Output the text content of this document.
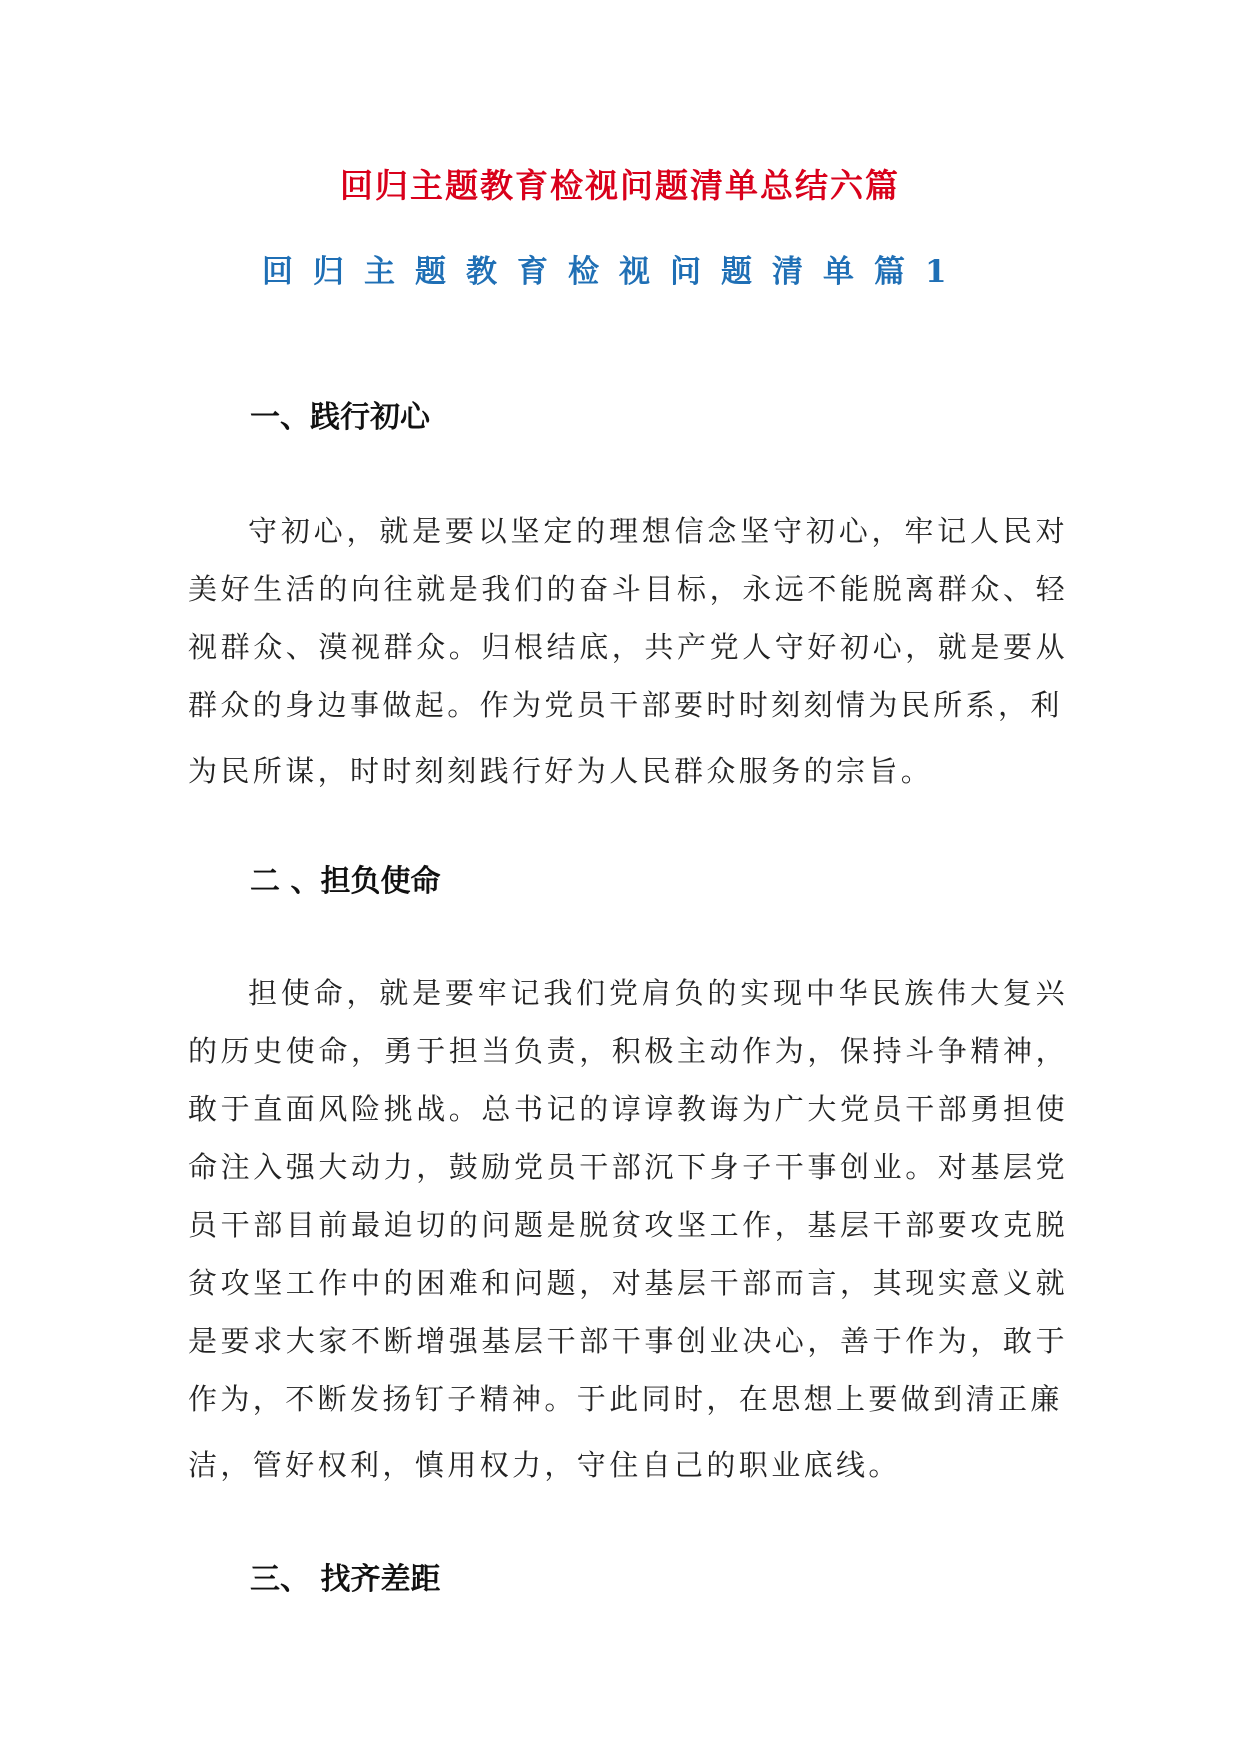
回归主题教育检视问题清单总结六篇
回归主题教育检视问题清单篇1
一、践行初心

守初心，就是要以坚定的理想信念坚守初心，牢记人民对美好生活的向往就是我们的奋斗目标，永远不能脱离群众、轻视群众、漠视群众。归根结底，共产党人守好初心，就是要从群众的身边事做起。作为党员干部要时时刻刻情为民所系，利
为民所谋，时时刻刻践行好为人民群众服务的宗旨。

二 、担负使命

担使命，就是要牢记我们党肩负的实现中华民族伟大复兴的历史使命，勇于担当负责，积极主动作为，保持斗争精神，敢于直面风险挑战。总书记的谆谆教诲为广大党员干部勇担使命注入强大动力，鼓励党员干部沉下身子干事创业。对基层党员干部目前最迫切的问题是脱贫攻坚工作，基层干部要攻克脱贫攻坚工作中的困难和问题，对基层干部而言，其现实意义就是要求大家不断增强基层干部干事创业决心，善于作为，敢于作为，不断发扬钉子精神。于此同时，在思想上要做到清正廉
洁，管好权利，慎用权力，守住自己的职业底线。

三、 找齐差距
